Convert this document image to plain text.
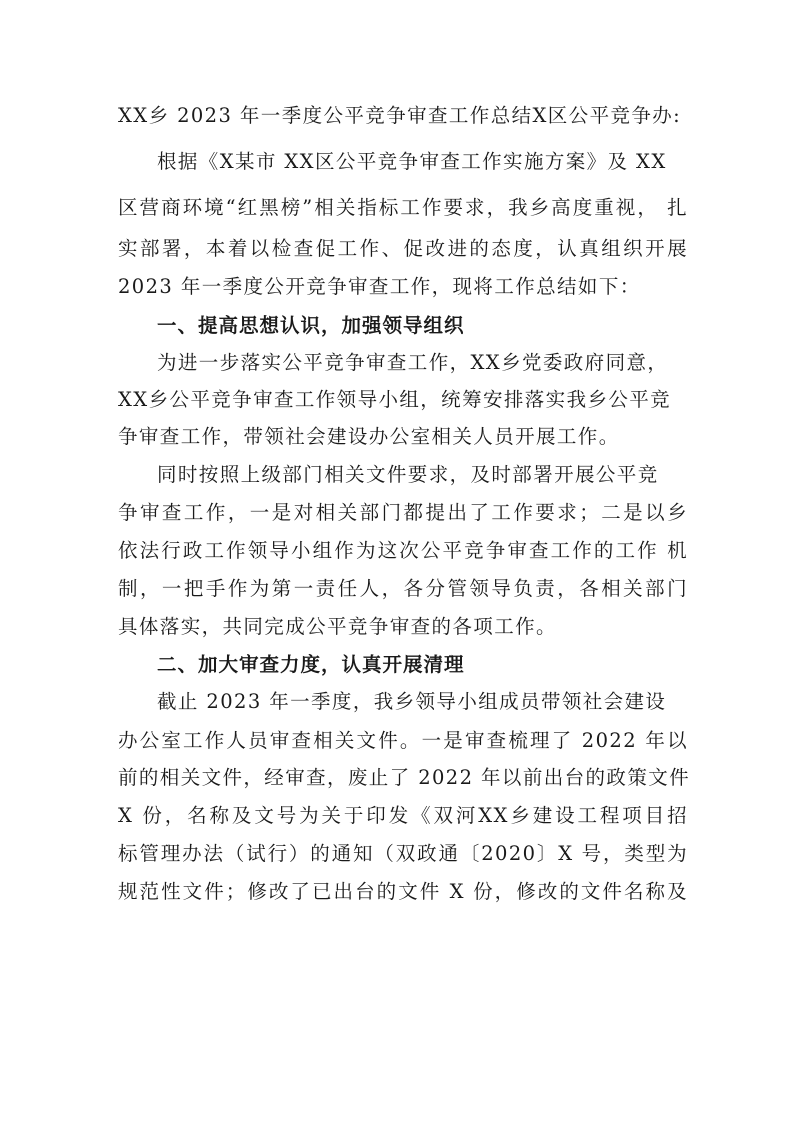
XX乡 2023 年一季度公平竞争审查工作总结X区公平竞争办:
根据《X某市 XX区公平竞争审查工作实施方案》及 XX
区营商环境“红黑榜”相关指标工作要求，我乡高度重视， 扎
实部署，本着以检查促工作、促改进的态度，认真组织开展
2023 年一季度公开竞争审查工作，现将工作总结如下：
一、提高思想认识，加强领导组织
为进一步落实公平竞争审查工作，XX乡党委政府同意，
XX乡公平竞争审查工作领导小组，统筹安排落实我乡公平竞
争审查工作，带领社会建设办公室相关人员开展工作。
同时按照上级部门相关文件要求，及时部署开展公平竞
争审查工作，一是对相关部门都提出了工作要求；二是以乡
依法行政工作领导小组作为这次公平竞争审查工作的工作 机
制，一把手作为第一责任人，各分管领导负责，各相关部门
具体落实，共同完成公平竞争审查的各项工作。
二、加大审查力度，认真开展清理
截止 2023 年一季度，我乡领导小组成员带领社会建设
办公室工作人员审查相关文件。一是审查梳理了 2022 年以
前的相关文件，经审查，废止了 2022 年以前出台的政策文件
X 份，名称及文号为关于印发《双河XX乡建设工程项目招
标管理办法（试行）的通知（双政通〔2020〕X 号，类型为
规范性文件；修改了已出台的文件 X 份，修改的文件名称及
